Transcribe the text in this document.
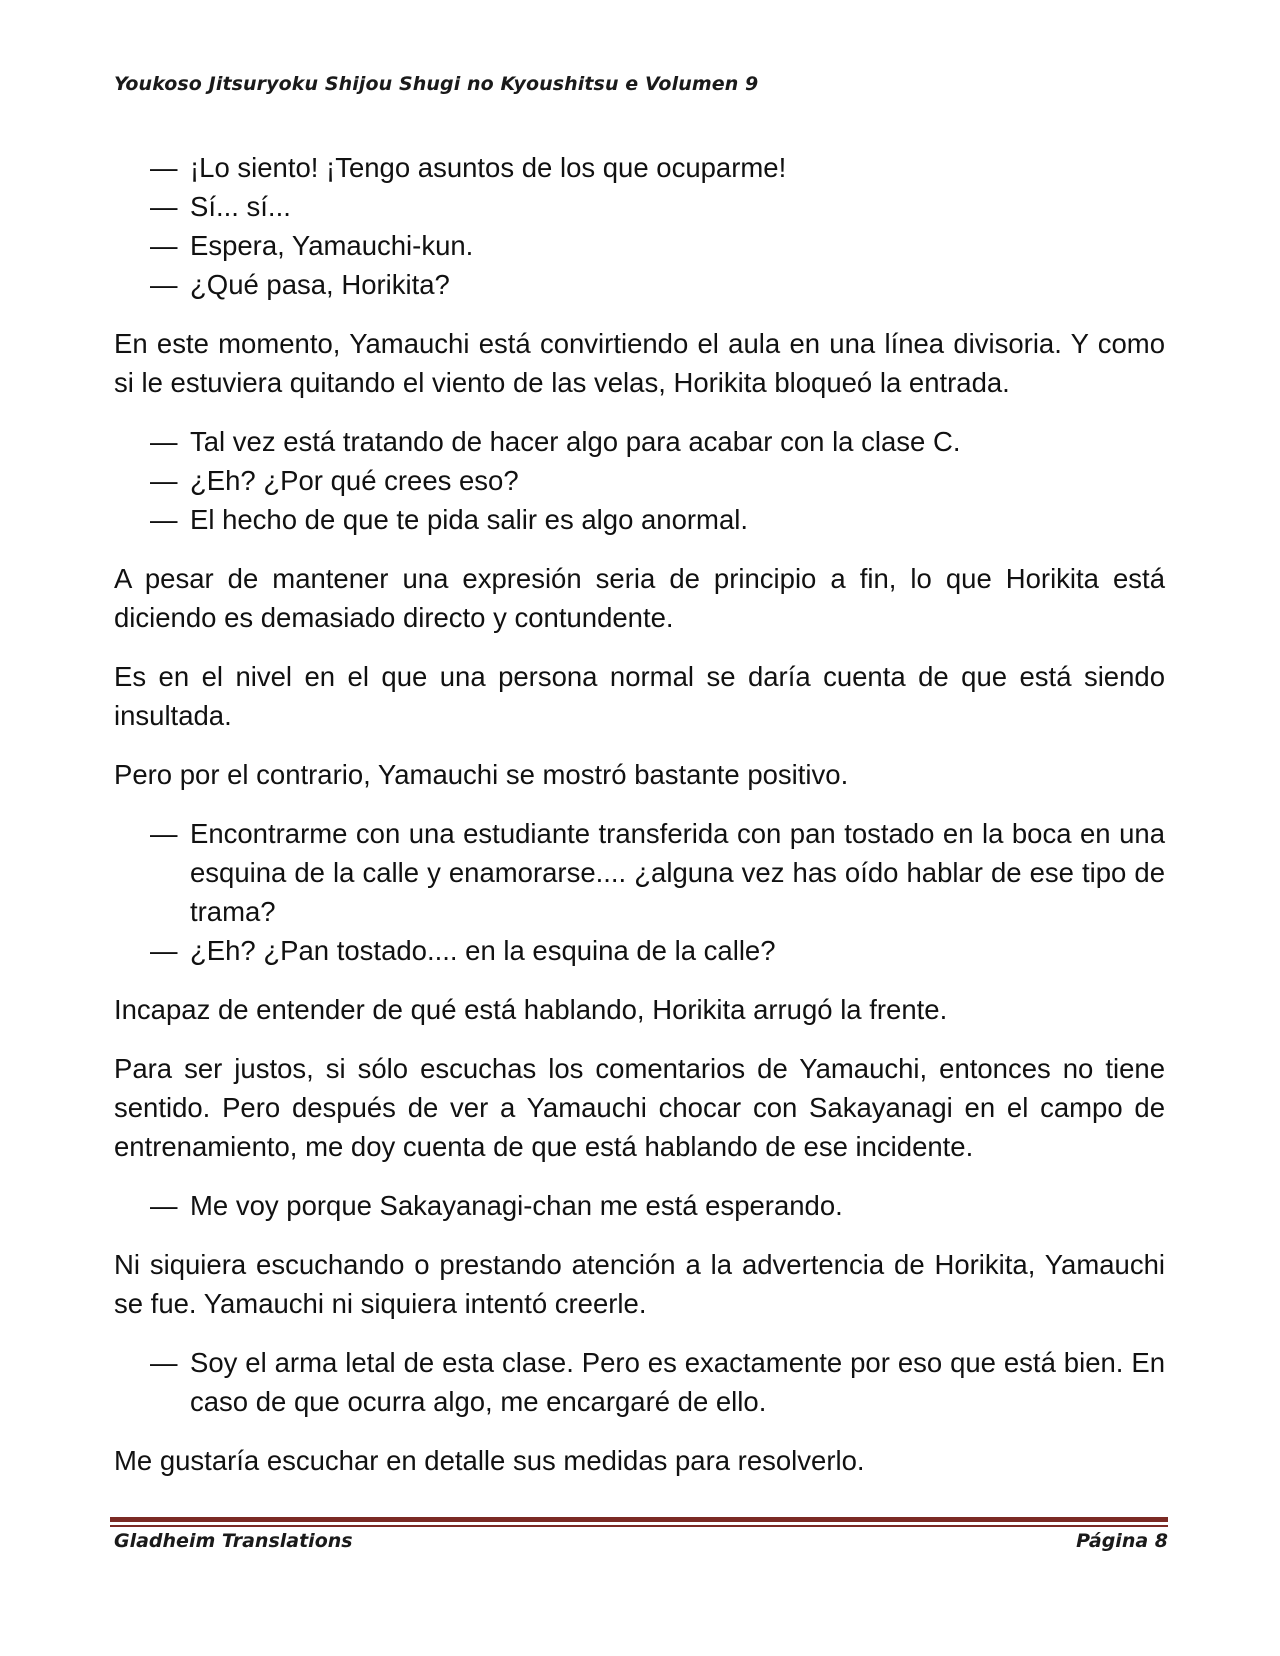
Youkoso Jitsuryoku Shijou Shugi no Kyoushitsu e Volumen 9
— ¡Lo siento! ¡Tengo asuntos de los que ocuparme!
— Sí... sí...
— Espera, Yamauchi-kun.
— ¿Qué pasa, Horikita?
En este momento, Yamauchi está convirtiendo el aula en una línea divisoria. Y como si le estuviera quitando el viento de las velas, Horikita bloqueó la entrada.
— Tal vez está tratando de hacer algo para acabar con la clase C.
— ¿Eh? ¿Por qué crees eso?
— El hecho de que te pida salir es algo anormal.
A pesar de mantener una expresión seria de principio a fin, lo que Horikita está diciendo es demasiado directo y contundente.
Es en el nivel en el que una persona normal se daría cuenta de que está siendo insultada.
Pero por el contrario, Yamauchi se mostró bastante positivo.
— Encontrarme con una estudiante transferida con pan tostado en la boca en una esquina de la calle y enamorarse.... ¿alguna vez has oído hablar de ese tipo de trama?
— ¿Eh? ¿Pan tostado.... en la esquina de la calle?
Incapaz de entender de qué está hablando, Horikita arrugó la frente.
Para ser justos, si sólo escuchas los comentarios de Yamauchi, entonces no tiene sentido. Pero después de ver a Yamauchi chocar con Sakayanagi en el campo de entrenamiento, me doy cuenta de que está hablando de ese incidente.
— Me voy porque Sakayanagi-chan me está esperando.
Ni siquiera escuchando o prestando atención a la advertencia de Horikita, Yamauchi se fue. Yamauchi ni siquiera intentó creerle.
— Soy el arma letal de esta clase. Pero es exactamente por eso que está bien. En caso de que ocurra algo, me encargaré de ello.
Me gustaría escuchar en detalle sus medidas para resolverlo.
Gladheim Translations	Página 8
